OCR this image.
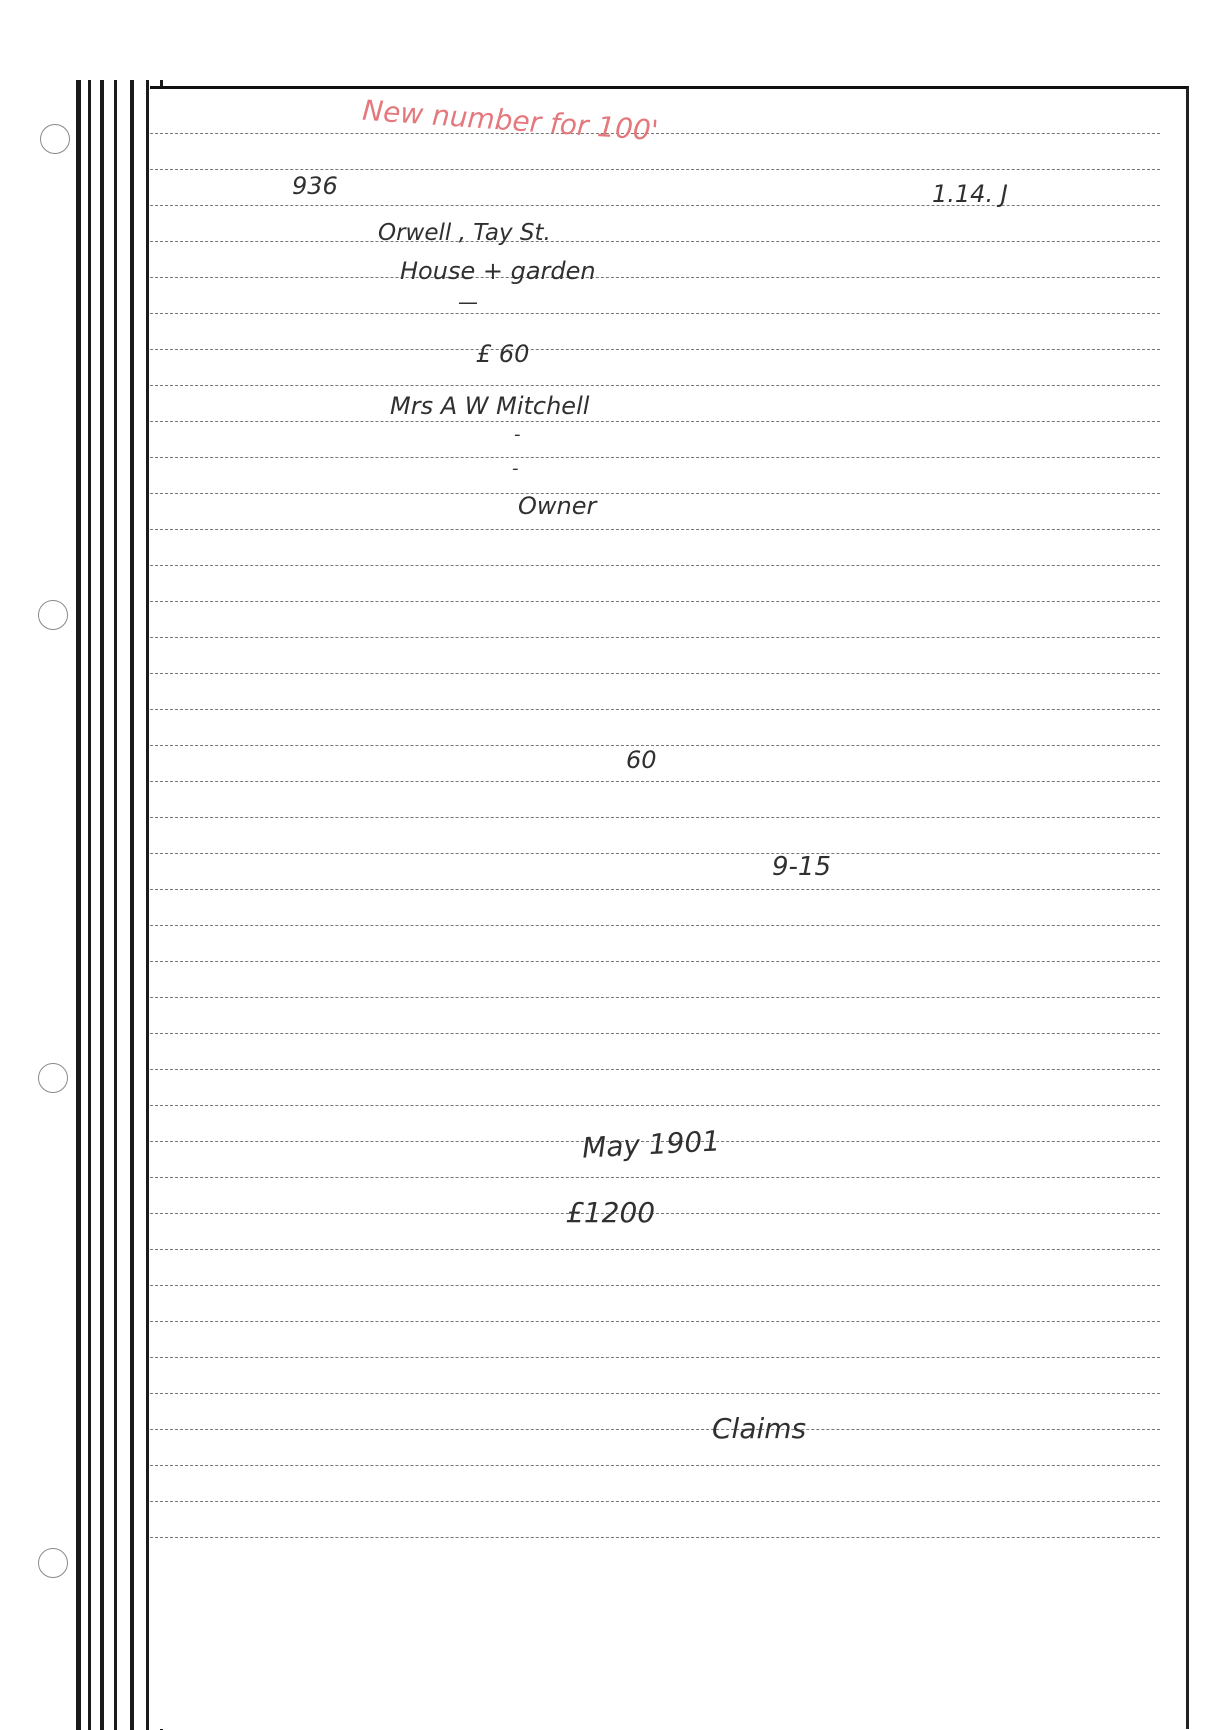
New number for 100'
936	1.14. J
Orwell , Tay St.
House + garden
—
£ 60
Mrs A W Mitchell
-
-
Owner
60
9-15
May 1901
£1200
Claims
